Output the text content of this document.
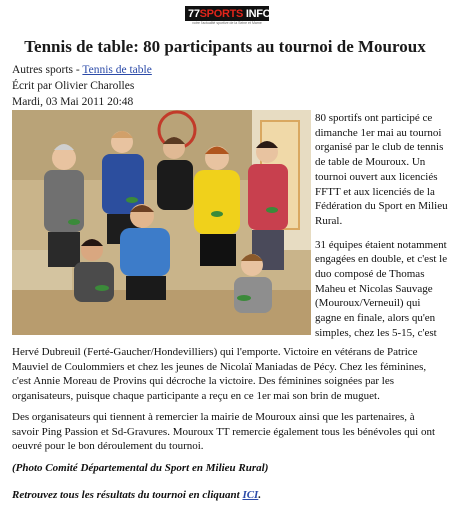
77 SPORTS
INFOS
votre l'actualité sportive de la Seine et Marne
Tennis de table: 80 participants au tournoi de Mouroux
Autres sports - Tennis de table
Écrit par Olivier Charolles
Mardi, 03 Mai 2011 20:48

80 sportifs ont participé ce dimanche 1er mai au tournoi organisé par le club de tennis de table de Mouroux. Un tournoi ouvert aux licenciés FFTT et aux licenciés de la Fédération du Sport en Milieu Rural.

31 équipes étaient notamment engagées en double, et c'est le duo composé de Thomas Maheu et Nicolas Sauvage (Mouroux/Verneuil) qui gagne en finale, alors qu'en simples, chez les 5-15, c'est

Hervé Dubreuil (Ferté-Gaucher/Hondevilliers) qui l'emporte. Victoire en vétérans de Patrice Mauviel de Coulommiers et chez les jeunes de Nicolaï Maniadas de Pécy. Chez les féminines, c'est Annie Moreau de Provins qui décroche la victoire. Des féminines soignées par les organisateurs, puisque chaque participante a reçu en ce 1er mai son brin de muguet.

Des organisateurs qui tiennent à remercier la mairie de Mouroux ainsi que les partenaires, à savoir Ping Passion et Sd-Gravures. Mouroux TT remercie également tous les bénévoles qui ont oeuvré pour le bon déroulement du tournoi.

(Photo Comité Départemental du Sport en Milieu Rural)
Retrouvez tous les résultats du tournoi en cliquant ICI.
